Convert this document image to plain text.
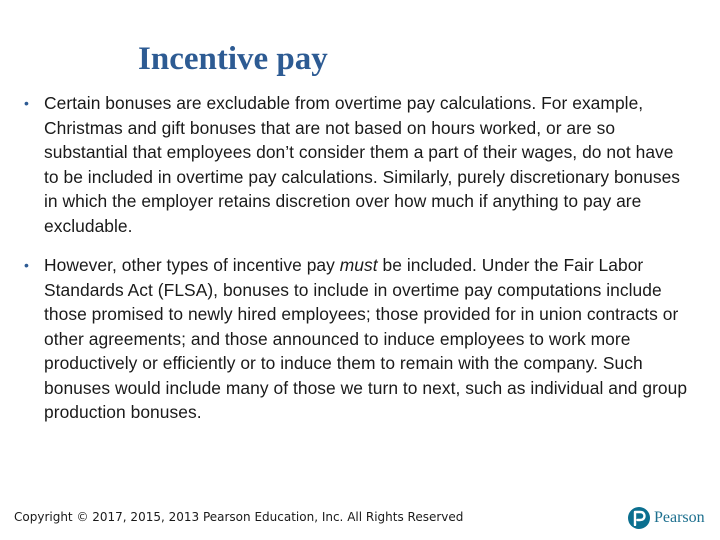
Incentive pay
• Certain bonuses are excludable from overtime pay calculations. For example, Christmas and gift bonuses that are not based on hours worked, or are so substantial that employees don’t consider them a part of their wages, do not have to be included in overtime pay calculations. Similarly, purely discretionary bonuses in which the employer retains discretion over how much if anything to pay are excludable.
• However, other types of incentive pay must be included. Under the Fair Labor Standards Act (FLSA), bonuses to include in overtime pay computations include those promised to newly hired employees; those provided for in union contracts or other agreements; and those announced to induce employees to work more productively or efficiently or to induce them to remain with the company. Such bonuses would include many of those we turn to next, such as individual and group production bonuses.
Copyright © 2017, 2015, 2013 Pearson Education, Inc. All Rights Reserved	Pearson
